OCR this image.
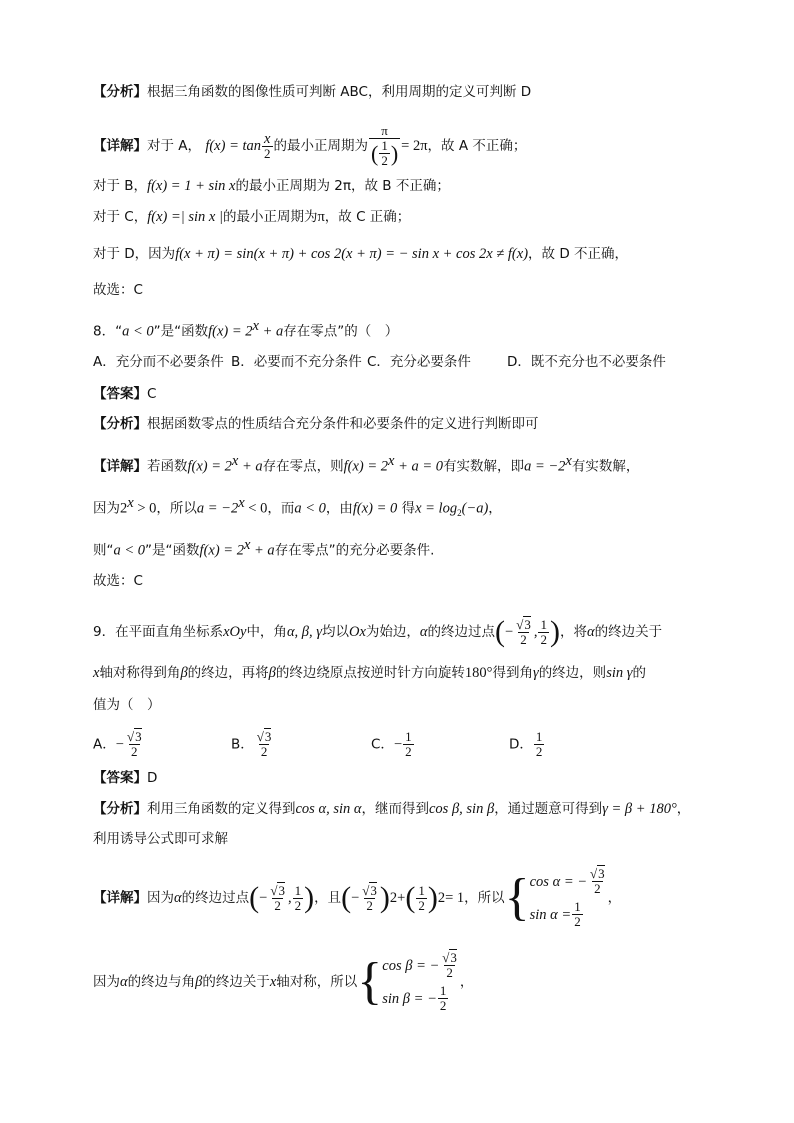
【分析】根据三角函数的图像性质可判断 ABC，利用周期的定义可判断 D
【详解】对于 A， $f(x) = \tan \frac{x}{2}$ 的最小正周期为 $\frac{\pi}{( \frac{1}{2} )} = 2\pi$，故 A 不正确；
对于 B，f(x) = 1 + sin x的最小正周期为 2π，故 B 不正确；
对于 C，f(x) =| sin x |的最小正周期为π，故 C 正确；
对于 D，因为f(x + π) = sin(x + π) + cos 2(x + π) = − sin x + cos 2x ≠ f(x)，故 D 不正确，
故选：C
8．“a < 0”是“函数$f(x) = 2^x + a$存在零点”的（　）
A．充分而不必要条件 B．必要而不充分条件 C．充分必要条件	D．既不充分也不必要条件
【答案】C
【分析】根据函数零点的性质结合充分条件和必要条件的定义进行判断即可
【详解】若函数$f(x) = 2^x + a$存在零点，则$f(x) = 2^x + a = 0$有实数解，即$a = -2^x$有实数解，
因为$2^x > 0$，所以$a = -2^x < 0$，而a < 0，由f(x) = 0 得$x = \log_2(-a)$，
则“a < 0”是“函数$f(x) = 2^x + a$存在零点”的充分必要条件.
故选：C
9．在平面直角坐标系xOy中，角α, β, γ均以Ox为始边，α的终边过点(− $\frac{√3}{2}$ , $\frac{1}{2}$ )，将α的终边关于
x轴对称得到角β的终边，再将β的终边绕原点按逆时针方向旋转180°得到角γ的终边，则sin γ的
值为（　）
A．− $\frac{√3}{2}$	B． $\frac{√3}{2}$	C．− $\frac{1}{2}$	D． $\frac{1}{2}$
【答案】D
【分析】利用三角函数的定义得到cos α, sin α，继而得到cos β, sin β，通过题意可得到γ = β + 180°，
利用诱导公式即可求解
【详解】 因为 α 的终边过点 ( − $\frac{√3}{2}$ , $\frac{1}{2}$ ) ，且 ( − $\frac{√3}{2}$ ) 2 + ( $\frac{1}{2}$ ) 2 = 1 ，所以 { cos α = − $\frac{√3}{2}$
$\sin \alpha = \frac{1}{2}$
，
因为 α 的终边与角 β 的终边关于 x 轴对称，所以 { cos β = − $\frac{√3}{2}$
sin β = − $\frac{1}{2}$
，
